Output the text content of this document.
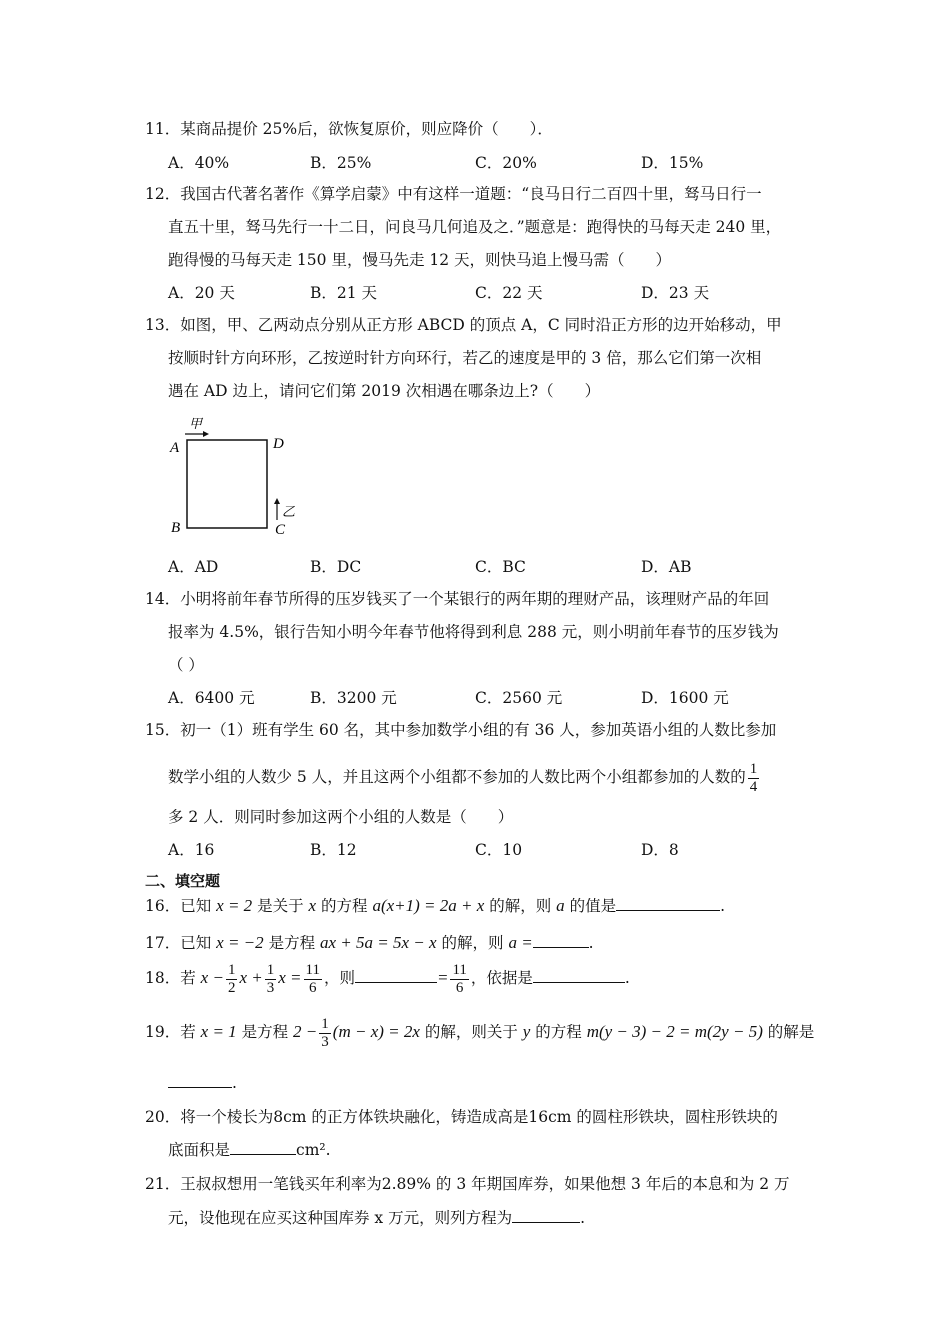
11．某商品提价 25%后，欲恢复原价，则应降价（　　）．
A．40%	B．25%	C．20%	D．15%
12．我国古代著名著作《算学启蒙》中有这样一道题：“良马日行二百四十里，驽马日行一
直五十里，驽马先行一十二日，问良马几何追及之．”题意是：跑得快的马每天走 240 里，
跑得慢的马每天走 150 里，慢马先走 12 天，则快马追上慢马需（　　）
A．20 天	B．21 天	C．22 天	D．23 天
13．如图，甲、乙两动点分别从正方形 ABCD 的顶点 A，C 同时沿正方形的边开始移动，甲
按顺时针方向环形，乙按逆时针方向环行，若乙的速度是甲的 3 倍，那么它们第一次相
遇在 AD 边上，请问它们第 2019 次相遇在哪条边上?（　　）
甲
乙
A
B	C
D
A．AD	B．DC	C．BC	D．AB
14．小明将前年春节所得的压岁钱买了一个某银行的两年期的理财产品，该理财产品的年回
报率为 4.5%，银行告知小明今年春节他将得到利息 288 元，则小明前年春节的压岁钱为
（ ）
A．6400 元	B．3200 元	C．2560 元	D．1600 元
15．初一（1）班有学生 60 名，其中参加数学小组的有 36 人，参加英语小组的人数比参加
数学小组的人数少 5 人，并且这两个小组都不参加的人数比两个小组都参加的人数的 $\frac{1}{4}$
多 2 人．则同时参加这两个小组的人数是（　　）
A．16	B．12	C．10	D．8
二、填空题
16．已知 x = 2 是关于 x 的方程 a(x+1) = 2a + x 的解，则 a 的值是	.
17．已知 x = −2 是方程 ax + 5a = 5x − x 的解，则 a =	.
18．若 $x - \frac{1}{2}$ $x + \frac{1}{3}$ $x = \frac{11}{6}$ ，则	= $\frac{11}{6}$ ，依据是	.
19．若 x = 1 是方程 $2 - \frac{1}{3} (m - x) = 2x$ 的解，则关于 y 的方程 m(y − 3) − 2 = m(2y − 5) 的解是
.
20．将一个棱长为8cm 的正方体铁块融化，铸造成高是16cm 的圆柱形铁块，圆柱形铁块的
底面积是	cm².
21．王叔叔想用一笔钱买年利率为2.89% 的 3 年期国库券，如果他想 3 年后的本息和为 2 万
元，设他现在应买这种国库券 x 万元，则列方程为	.
